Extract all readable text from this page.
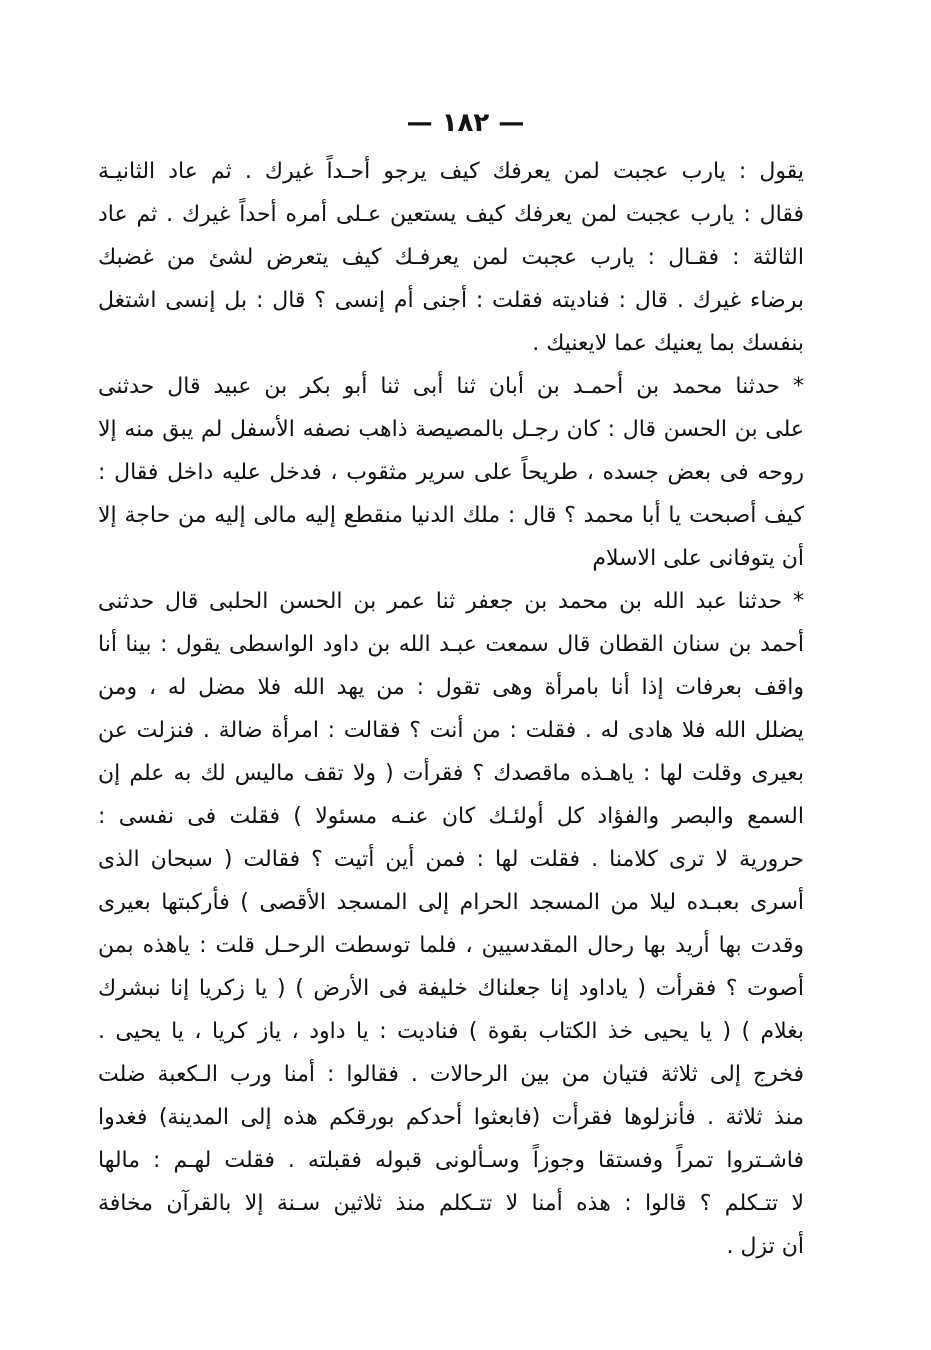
— ١٨٢ —
يقول : يارب عجبت لمن يعرفك كيف يرجو أحـداً غيرك . ثم عاد الثانيـة
فقال : يارب عجبت لمن يعرفك كيف يستعين عـلى أمره أحداً غيرك . ثم عاد
الثالثة : فقـال : يارب عجبت لمن يعرفـك كيف يتعرض لشئ من غضبك
برضاء غيرك . قال : فناديته فقلت : أجنى أم إنسى ؟ قال : بل إنسى اشتغل
بنفسك بما يعنيك عما لايعنيك .
* حدثنا محمد بن أحمـد بن أبان ثنا أبى ثنا أبو بكر بن عبيد قال حدثنى
على بن الحسن قال : كان رجـل بالمصيصة ذاهب نصفه الأسفل لم يبق منه إلا
روحه فى بعض جسده ، طريحاً على سرير مثقوب ، فدخل عليه داخل فقال :
كيف أصبحت يا أبا محمد ؟ قال : ملك الدنيا منقطع إليه مالى إليه من حاجة إلا
أن يتوفانى على الاسلام
* حدثنا عبد الله بن محمد بن جعفر ثنا عمر بن الحسن الحلبى قال حدثنى
أحمد بن سنان القطان قال سمعت عبـد الله بن داود الواسطى يقول : بينا أنا
واقف بعرفات إذا أنا بامرأة وهى تقول : من يهد الله فلا مضل له ، ومن
يضلل الله فلا هادى له . فقلت : من أنت ؟ فقالت : امرأة ضالة . فنزلت عن
بعيرى وقلت لها : ياهـذه ماقصدك ؟ فقرأت ( ولا تقف ماليس لك به علم إن
السمع والبصر والفؤاد كل أولئـك كان عنـه مسئولا ) فقلت فى نفسى :
حرورية لا ترى كلامنا . فقلت لها : فمن أين أتيت ؟ فقالت ( سبحان الذى
أسرى بعبـده ليلا من المسجد الحرام إلى المسجد الأقصى ) فأركبتها بعيرى
وقدت بها أريد بها رحال المقدسيين ، فلما توسطت الرحـل قلت : ياهذه بمن
أصوت ؟ فقرأت ( ياداود إنا جعلناك خليفة فى الأرض ) ( يا زكريا إنا نبشرك
بغلام ) ( يا يحيى خذ الكتاب بقوة ) فناديت : يا داود ، ياز كريا ، يا يحيى .
فخرج إلى ثلاثة فتيان من بين الرحالات . فقالوا : أمنا ورب الـكعبة ضلت
منذ ثلاثة . فأنزلوها فقرأت (فابعثوا أحدكم بورقكم هذه إلى المدينة) فغدوا
فاشـتروا تمراً وفستقا وجوزاً وسـألونى قبوله فقبلته . فقلت لهـم : مالها
لا تتـكلم ؟ قالوا : هذه أمنا لا تتـكلم منذ ثلاثين سـنة إلا بالقرآن مخافة
أن تزل .
